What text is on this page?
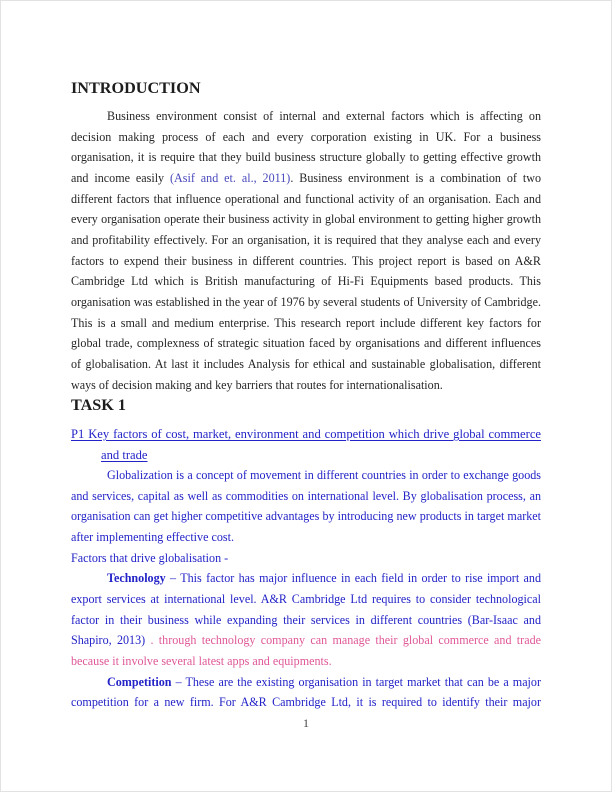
INTRODUCTION

Business environment consist of internal and external factors which is affecting on decision making process of each and every corporation existing in UK. For a business organisation, it is require that they build business structure globally to getting effective growth and income easily (Asif and et. al., 2011). Business environment is a combination of two different factors that influence operational and functional activity of an organisation. Each and every organisation operate their business activity in global environment to getting higher growth and profitability effectively. For an organisation, it is required that they analyse each and every factors to expend their business in different countries. This project report is based on A&R Cambridge Ltd which is British manufacturing of Hi-Fi Equipments based products. This organisation was established in the year of 1976 by several students of University of Cambridge. This is a small and medium enterprise. This research report include different key factors for global trade, complexness of strategic situation faced by organisations and different influences of globalisation. At last it includes Analysis for ethical and sustainable globalisation, different ways of decision making and key barriers that routes for internationalisation.

TASK 1
P1 Key factors of cost, market, environment and competition which drive global commerce and trade

Globalization is a concept of movement in different countries in order to exchange goods and services, capital as well as commodities on international level. By globalisation process, an organisation can get higher competitive advantages by introducing new products in target market after implementing effective cost.

Factors that drive globalisation -

Technology – This factor has major influence in each field in order to rise import and export services at international level. A&R Cambridge Ltd requires to consider technological factor in their business while expanding their services in different countries (Bar-Isaac and Shapiro, 2013) . through technology company can manage their global commerce and trade because it involve several latest apps and equipments.

Competition – These are the existing organisation in target market that can be a major competition for a new firm. For A&R Cambridge Ltd, it is required to identify their major

1
